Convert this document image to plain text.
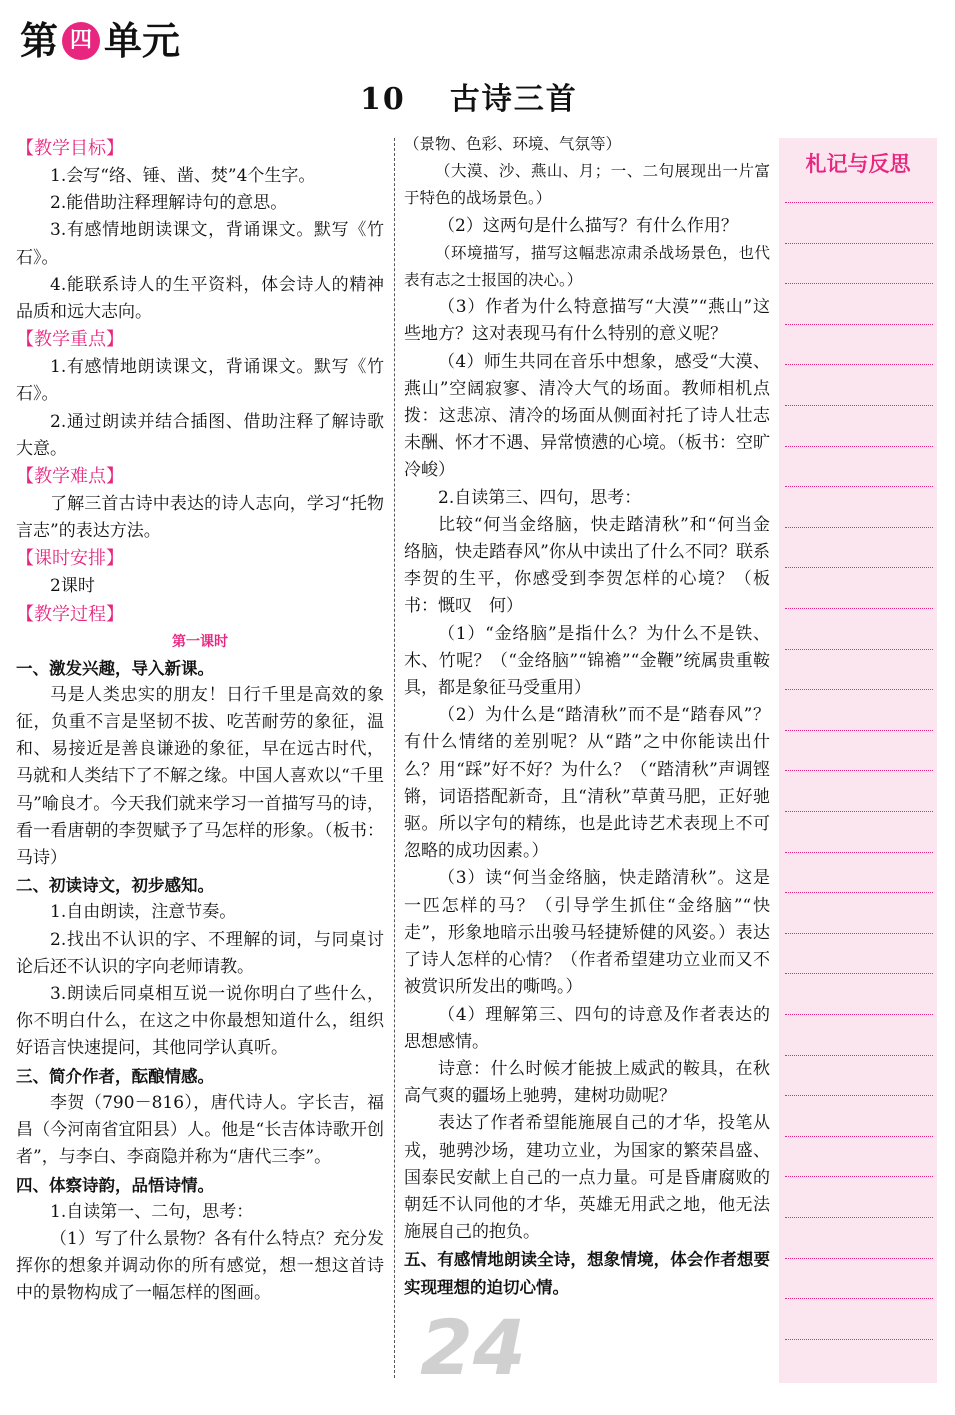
第 四 单元
10 古诗三首

【教学目标】

1.会写“络、锤、凿、焚”4个生字。

2.能借助注释理解诗句的意思。

3.有感情地朗读课文，背诵课文。默写《竹石》。

4.能联系诗人的生平资料，体会诗人的精神品质和远大志向。

【教学重点】

1.有感情地朗读课文，背诵课文。默写《竹石》。

2.通过朗读并结合插图、借助注释了解诗歌大意。

【教学难点】

了解三首古诗中表达的诗人志向，学习“托物言志”的表达方法。

【课时安排】

2课时

【教学过程】

第一课时

一、激发兴趣，导入新课。

马是人类忠实的朋友！日行千里是高效的象征，负重不言是坚韧不拔、吃苦耐劳的象征，温和、易接近是善良谦逊的象征，早在远古时代，马就和人类结下了不解之缘。中国人喜欢以“千里马”喻良才。今天我们就来学习一首描写马的诗，看一看唐朝的李贺赋予了马怎样的形象。（板书：马诗）

二、初读诗文，初步感知。

1.自由朗读，注意节奏。

2.找出不认识的字、不理解的词，与同桌讨论后还不认识的字向老师请教。

3.朗读后同桌相互说一说你明白了些什么，你不明白什么，在这之中你最想知道什么，组织好语言快速提问，其他同学认真听。

三、简介作者，酝酿情感。

李贺（790－816），唐代诗人。字长吉，福昌（今河南省宜阳县）人。他是“长吉体诗歌开创者”，与李白、李商隐并称为“唐代三李”。

四、体察诗韵，品悟诗情。

1.自读第一、二句，思考：

（1）写了什么景物？各有什么特点？充分发挥你的想象并调动你的所有感觉，想一想这首诗中的景物构成了一幅怎样的图画。

（景物、色彩、环境、气氛等）

（大漠、沙、燕山、月；一、二句展现出一片富于特色的战场景色。）

（2）这两句是什么描写？有什么作用？

（环境描写，描写这幅悲凉肃杀战场景色，也代表有志之士报国的决心。）

（3）作者为什么特意描写“大漠”“燕山”这些地方？这对表现马有什么特别的意义呢？

（4）师生共同在音乐中想象，感受“大漠、燕山”空阔寂寥、清冷大气的场面。教师相机点拨：这悲凉、清冷的场面从侧面衬托了诗人壮志未酬、怀才不遇、异常愤懑的心境。（板书：空旷冷峻）

2.自读第三、四句，思考：

比较“何当金络脑，快走踏清秋”和“何当金络脑，快走踏春风”你从中读出了什么不同？联系李贺的生平，你感受到李贺怎样的心境？（板书：慨叹　何）

（1）“金络脑”是指什么？为什么不是铁、木、竹呢？（“金络脑”“锦襜”“金鞭”统属贵重鞍具，都是象征马受重用）

（2）为什么是“踏清秋”而不是“踏春风”？有什么情绪的差别呢？从“踏”之中你能读出什么？用“踩”好不好？为什么？（“踏清秋”声调铿锵，词语搭配新奇，且“清秋”草黄马肥，正好驰驱。所以字句的精练，也是此诗艺术表现上不可忽略的成功因素。）

（3）读“何当金络脑，快走踏清秋”。这是一匹怎样的马？（引导学生抓住“金络脑”“快走”，形象地暗示出骏马轻捷矫健的风姿。）表达了诗人怎样的心情？（作者希望建功立业而又不被赏识所发出的嘶鸣。）

（4）理解第三、四句的诗意及作者表达的思想感情。

诗意：什么时候才能披上威武的鞍具，在秋高气爽的疆场上驰骋，建树功勋呢？

表达了作者希望能施展自己的才华，投笔从戎，驰骋沙场，建功立业，为国家的繁荣昌盛、国泰民安献上自己的一点力量。可是昏庸腐败的朝廷不认同他的才华，英雄无用武之地，他无法施展自己的抱负。

五、有感情地朗读全诗，想象情境，体会作者想要实现理想的迫切心情。

札记与反思
24
